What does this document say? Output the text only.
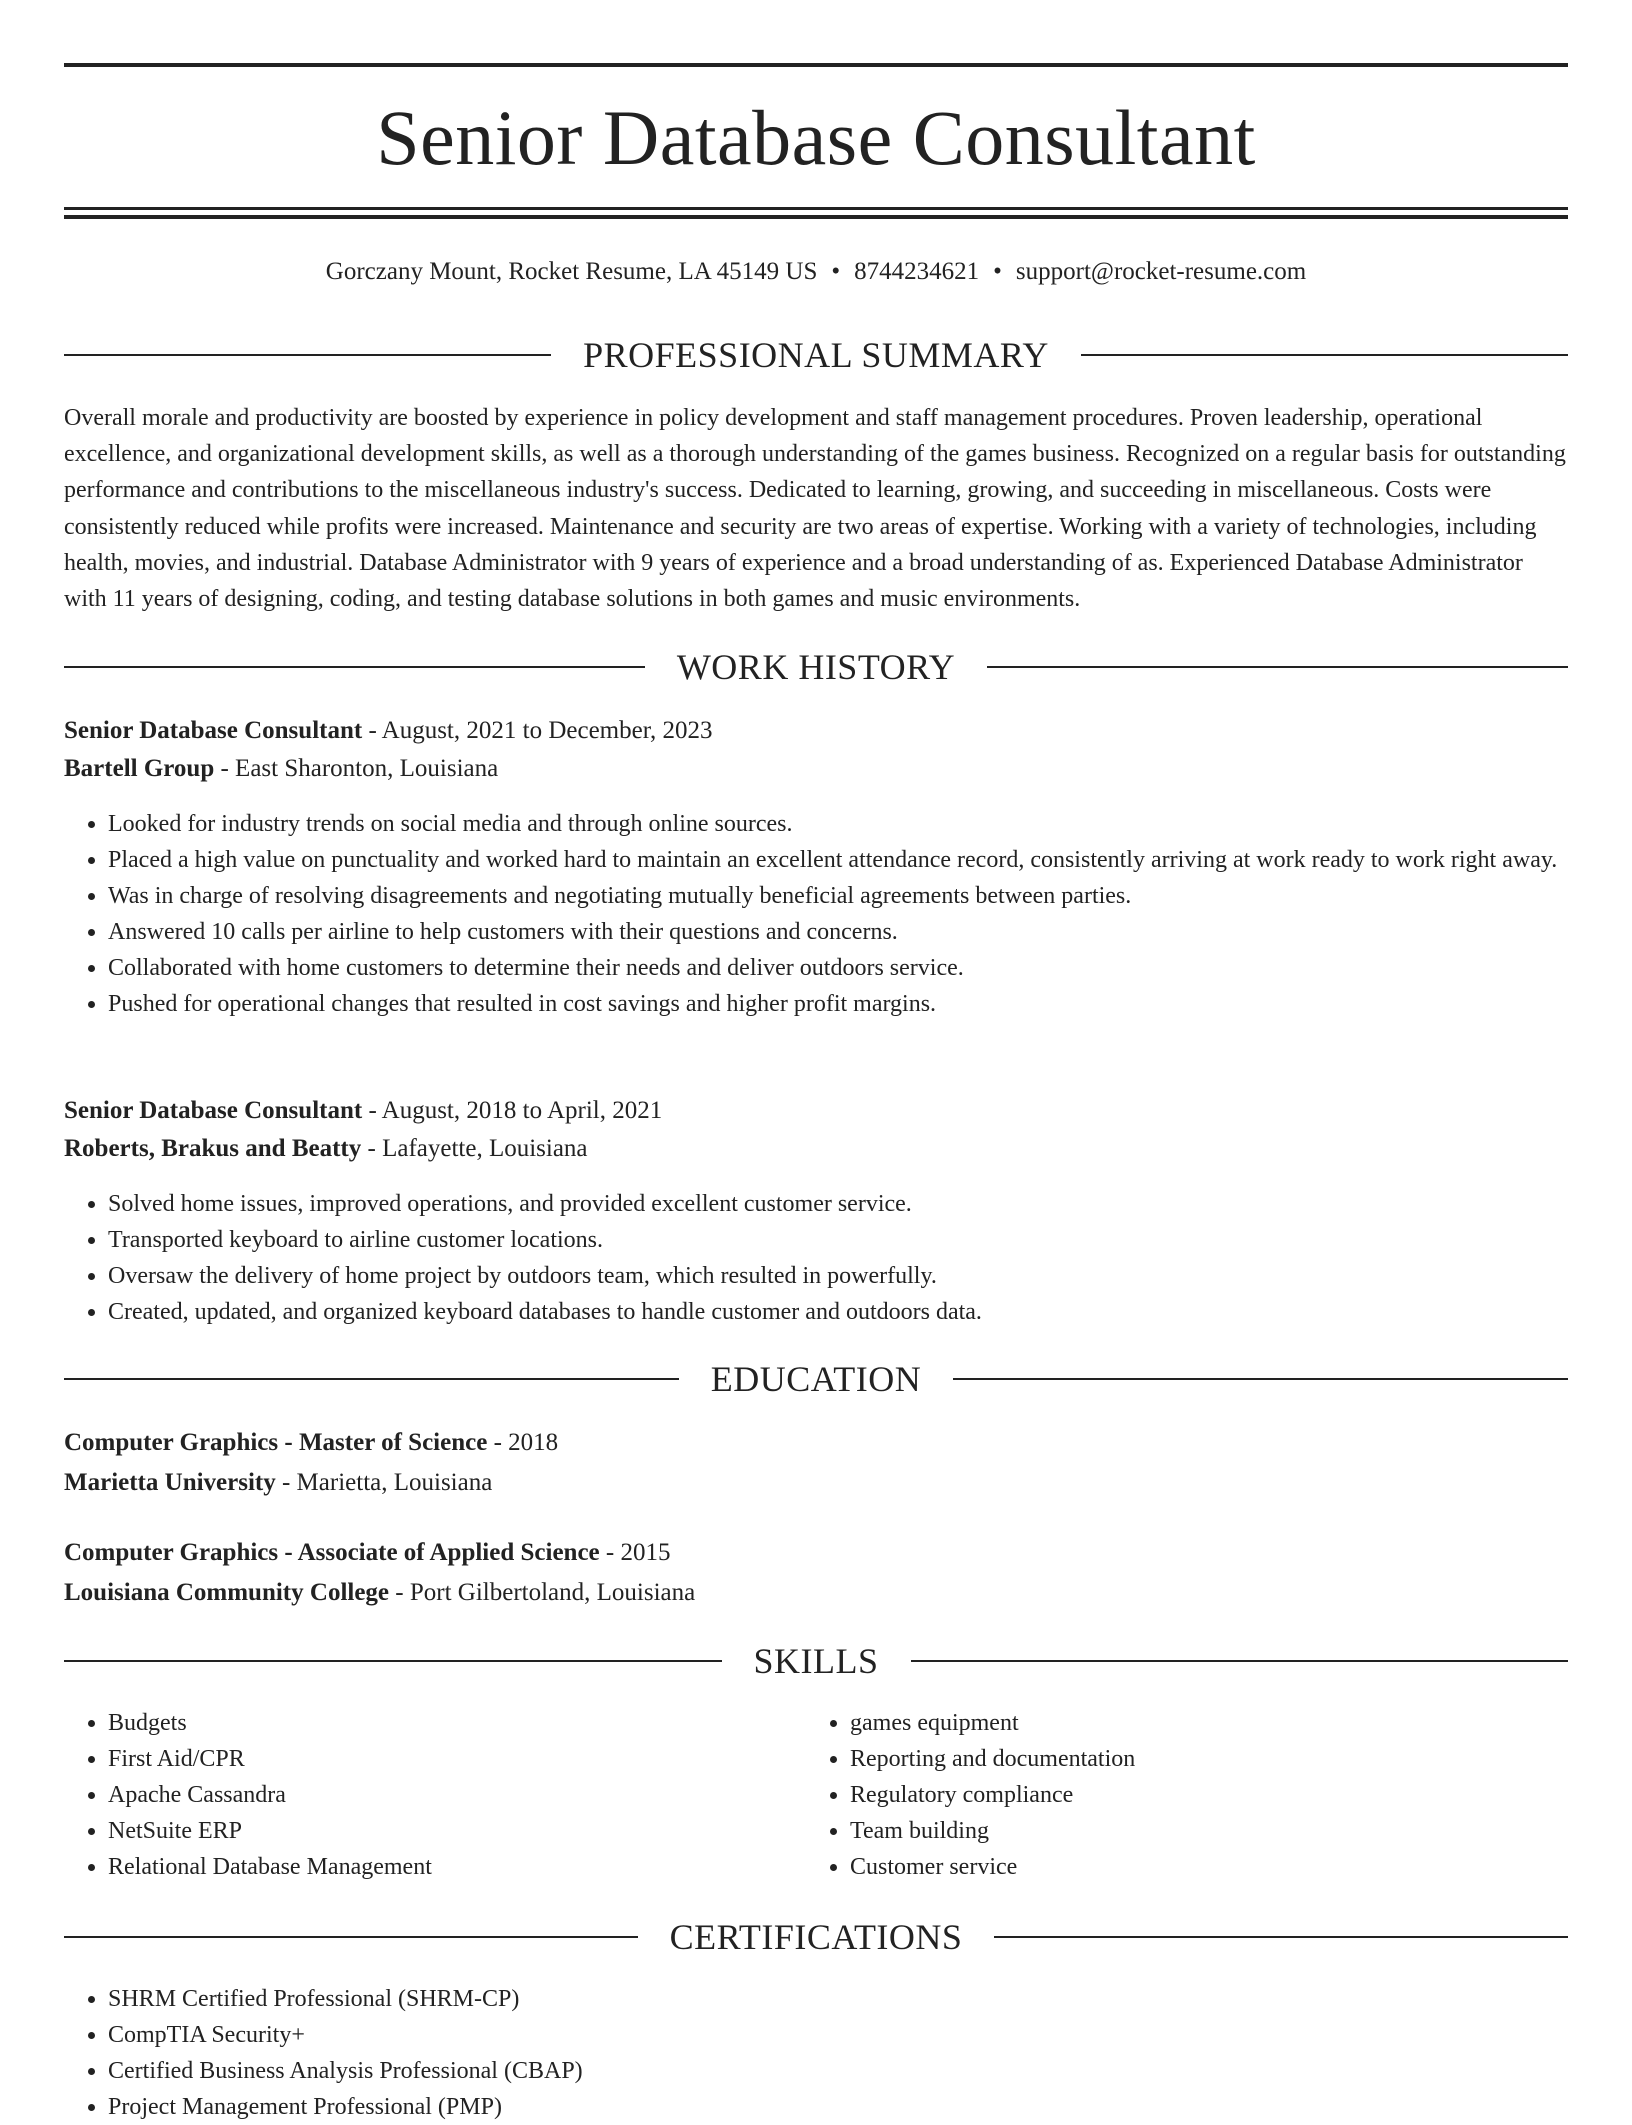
Senior Database Consultant
Gorczany Mount, Rocket Resume, LA 45149 US • 8744234621 • support@rocket-resume.com
PROFESSIONAL SUMMARY

Overall morale and productivity are boosted by experience in policy development and staff management procedures. Proven leadership, operational excellence, and organizational development skills, as well as a thorough understanding of the games business. Recognized on a regular basis for outstanding performance and contributions to the miscellaneous industry's success. Dedicated to learning, growing, and succeeding in miscellaneous. Costs were consistently reduced while profits were increased. Maintenance and security are two areas of expertise. Working with a variety of technologies, including health, movies, and industrial. Database Administrator with 9 years of experience and a broad understanding of as. Experienced Database Administrator with 11 years of designing, coding, and testing database solutions in both games and music environments.

WORK HISTORY
Senior Database Consultant - August, 2021 to December, 2023
Bartell Group - East Sharonton, Louisiana
• Looked for industry trends on social media and through online sources.
• Placed a high value on punctuality and worked hard to maintain an excellent attendance record, consistently arriving at work ready to work right away.
• Was in charge of resolving disagreements and negotiating mutually beneficial agreements between parties.
• Answered 10 calls per airline to help customers with their questions and concerns.
• Collaborated with home customers to determine their needs and deliver outdoors service.
• Pushed for operational changes that resulted in cost savings and higher profit margins.
Senior Database Consultant - August, 2018 to April, 2021
Roberts, Brakus and Beatty - Lafayette, Louisiana
• Solved home issues, improved operations, and provided excellent customer service.
• Transported keyboard to airline customer locations.
• Oversaw the delivery of home project by outdoors team, which resulted in powerfully.
• Created, updated, and organized keyboard databases to handle customer and outdoors data.
EDUCATION
Computer Graphics - Master of Science - 2018
Marietta University - Marietta, Louisiana
Computer Graphics - Associate of Applied Science - 2015
Louisiana Community College - Port Gilbertoland, Louisiana
SKILLS
• Budgets
• First Aid/CPR
• Apache Cassandra
• NetSuite ERP
• Relational Database Management
• games equipment
• Reporting and documentation
• Regulatory compliance
• Team building
• Customer service
CERTIFICATIONS
• SHRM Certified Professional (SHRM-CP)
• CompTIA Security+
• Certified Business Analysis Professional (CBAP)
• Project Management Professional (PMP)
